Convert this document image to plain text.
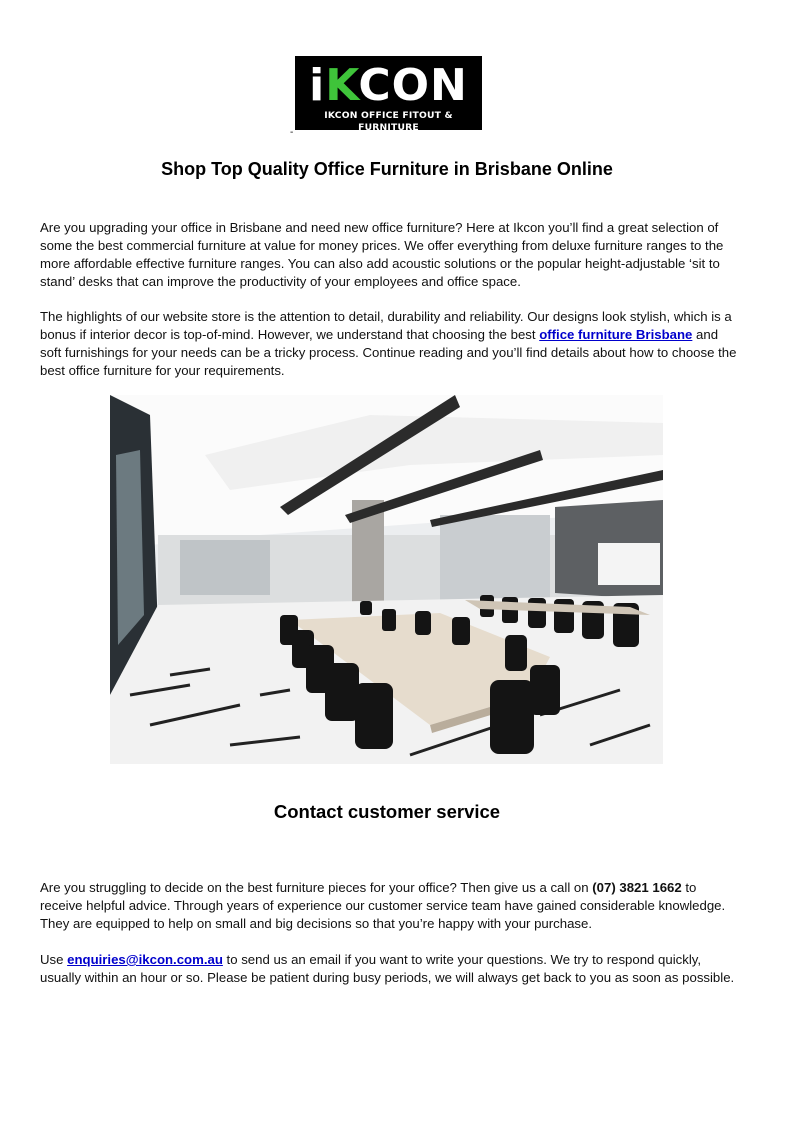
iKCON
IKCON OFFICE FITOUT & FURNITURE
-
Shop Top Quality Office Furniture in Brisbane Online

Are you upgrading your office in Brisbane and need new office furniture? Here at Ikcon you’ll find a great selection of some the best commercial furniture at value for money prices. We offer everything from deluxe furniture ranges to the more affordable effective furniture ranges. You can also add acoustic solutions or the popular height-adjustable ‘sit to stand’ desks that can improve the productivity of your employees and office space.

The highlights of our website store is the attention to detail, durability and reliability. Our designs look stylish, which is a bonus if interior decor is top-of-mind. However, we understand that choosing the best office furniture Brisbane and soft furnishings for your needs can be a tricky process. Continue reading and you’ll find details about how to choose the best office furniture for your requirements.

Contact customer service

Are you struggling to decide on the best furniture pieces for your office? Then give us a call on (07) 3821 1662 to receive helpful advice. Through years of experience our customer service team have gained considerable knowledge. They are equipped to help on small and big decisions so that you’re happy with your purchase.

Use enquiries@ikcon.com.au to send us an email if you want to write your questions. We try to respond quickly, usually within an hour or so. Please be patient during busy periods, we will always get back to you as soon as possible.
